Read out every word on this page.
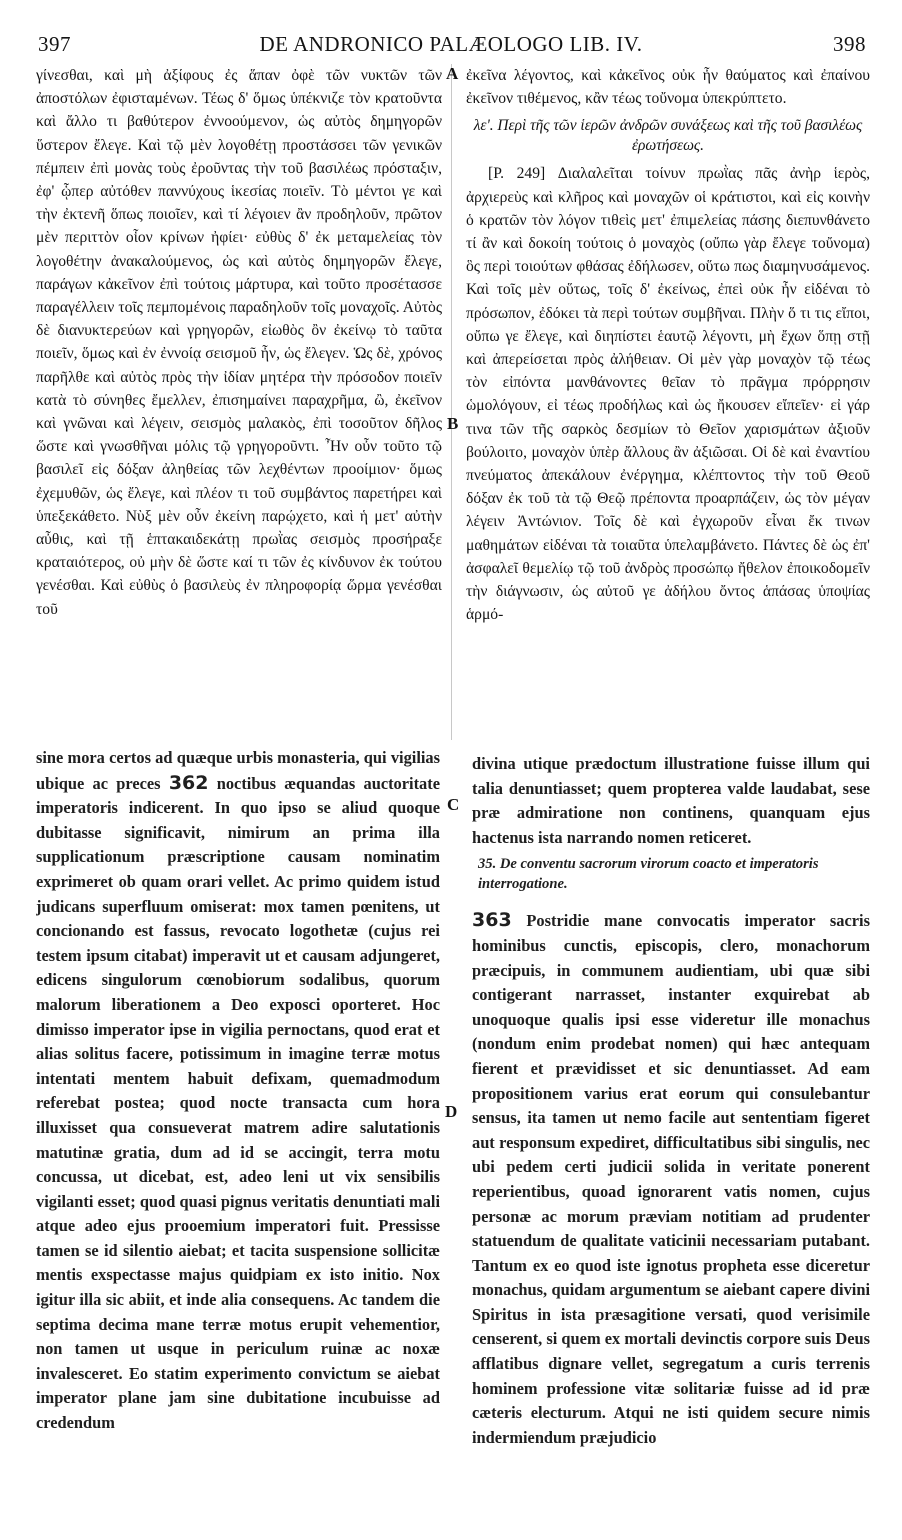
397	DE ANDRONICO PALÆOLOGO LIB. IV.	398

γίνεσθαι, καὶ μὴ ἀξίφους ἐς ἅπαν ὀφὲ τῶν νυκτῶν τῶν ἀποστόλων ἐφισταμένων. Τέως δ' ὅμως ὑπέκνιζε τὸν κρατοῦντα καὶ ἄλλο τι βαθύτερον ἐννοούμενον, ὡς αὐτὸς δημηγορῶν ὕστερον ἔλεγε. Καὶ τῷ μὲν λογοθέτῃ προστάσσει τῶν γενικῶν πέμπειν ἐπὶ μονὰς τοὺς ἐροῦντας τὴν τοῦ βασιλέως πρόσταξιν, ἐφ' ᾧπερ αὐτόθεν παννύχους ἱκεσίας ποιεῖν. Τὸ μέντοι γε καὶ τὴν ἐκτενῆ ὅπως ποιοῖεν, καὶ τί λέγοιεν ἂν προδηλοῦν, πρῶτον μὲν περιττὸν οἷον κρίνων ἠφίει· εὐθὺς δ' ἐκ μεταμελείας τὸν λογοθέτην ἀνακαλούμενος, ὡς καὶ αὐτὸς δημηγορῶν ἔλεγε, παράγων κἀκεῖνον ἐπὶ τούτοις μάρτυρα, καὶ τοῦτο προσέτασσε παραγέλλειν τοῖς πεμπομένοις παραδηλοῦν τοῖς μοναχοῖς. Αὐτὸς δὲ διανυκτερεύων καὶ γρηγορῶν, εἰωθὸς ὂν ἐκείνῳ τὸ ταῦτα ποιεῖν, ὅμως καὶ ἐν ἐννοίᾳ σεισμοῦ ἦν, ὡς ἔλεγεν. Ὡς δὲ, χρόνος παρῆλθε καὶ αὐτὸς πρὸς τὴν ἰδίαν μητέρα τὴν πρόσοδον ποιεῖν κατὰ τὸ σύνηθες ἔμελλεν, ἐπισημαίνει παραχρῆμα, ὢ, ἐκεῖνον καὶ γνῶναι καὶ λέγειν, σεισμὸς μαλακὸς, ἐπὶ τοσοῦτον δῆλος ὥστε καὶ γνωσθῆναι μόλις τῷ γρηγοροῦντι. Ἦν οὖν τοῦτο τῷ βασιλεῖ εἰς δόξαν ἀληθείας τῶν λεχθέντων προοίμιον· ὅμως ἐχεμυθῶν, ὡς ἔλεγε, καὶ πλέον τι τοῦ συμβάντος παρετήρει καὶ ὑπεξεκάθετο. Νὺξ μὲν οὖν ἐκείνη παρῴχετο, καὶ ἡ μετ' αὐτὴν αὖθις, καὶ τῇ ἑπτακαιδεκάτῃ πρωῒας σεισμὸς προσήραξε κραταιότερος, οὐ μὴν δὲ ὥστε καί τι τῶν ἐς κίνδυνον ἐκ τούτου γενέσθαι. Καὶ εὐθὺς ὁ βασιλεὺς ἐν πληροφορίᾳ ὥρμα γενέσθαι τοῦ

ἐκεῖνα λέγοντος, καὶ κἀκεῖνος οὐκ ἦν θαύματος καὶ ἐπαίνου ἐκεῖνον τιθέμενος, κἂν τέως τοὔνομα ὑπεκρύπτετο.

λε'. Περὶ τῆς τῶν ἱερῶν ἀνδρῶν συνάξεως καὶ τῆς τοῦ βασιλέως ἐρωτήσεως.

[P. 249] Διαλαλεῖται τοίνυν πρωῒας πᾶς ἀνὴρ ἱερὸς, ἀρχιερεὺς καὶ κλῆρος καὶ μοναχῶν οἱ κράτιστοι, καὶ εἰς κοινὴν ὁ κρατῶν τὸν λόγον τιθεὶς μετ' ἐπιμελείας πάσης διεπυνθάνετο τί ἂν καὶ δοκοίη τούτοις ὁ μοναχὸς (οὔπω γὰρ ἔλεγε τοὔνομα) ὃς περὶ τοιούτων φθάσας ἐδήλωσεν, οὕτω πως διαμηνυσάμενος. Καὶ τοῖς μὲν οὕτως, τοῖς δ' ἐκείνως, ἐπεὶ οὐκ ἦν εἰδέναι τὸ πρόσωπον, ἐδόκει τὰ περὶ τούτων συμβῆναι. Πλὴν ὅ τι τις εἴποι, οὔπω γε ἔλεγε, καὶ διηπίστει ἑαυτῷ λέγοντι, μὴ ἔχων ὅπῃ στῇ καὶ ἀπερείσεται πρὸς ἀλήθειαν. Οἱ μὲν γὰρ μοναχὸν τῷ τέως τὸν εἰπόντα μανθάνοντες θεῖαν τὸ πρᾶγμα πρόρρησιν ὡμολόγουν, εἰ τέως προδήλως καὶ ὡς ἤκουσεν εἴπεῖεν· εἰ γάρ τινα τῶν τῆς σαρκὸς δεσμίων τὸ Θεῖον χαρισμάτων ἀξιοῦν βούλοιτο, μοναχὸν ὑπὲρ ἄλλους ἂν ἀξιῶσαι. Οἱ δὲ καὶ ἐναντίου πνεύματος ἀπεκάλουν ἐνέργημα, κλέπτοντος τὴν τοῦ Θεοῦ δόξαν ἐκ τοῦ τὰ τῷ Θεῷ πρέποντα προαρπάζειν, ὡς τὸν μέγαν λέγειν Ἀντώνιον. Τοῖς δὲ καὶ ἐγχωροῦν εἶναι ἔκ τινων μαθημάτων εἰδέναι τὰ τοιαῦτα ὑπελαμβάνετο. Πάντες δὲ ὡς ἐπ' ἀσφαλεῖ θεμελίῳ τῷ τοῦ ἀνδρὸς προσώπῳ ἤθελον ἐποικοδομεῖν τὴν διάγνωσιν, ὡς αὐτοῦ γε ἀδήλου ὄντος ἁπάσας ὑποψίας ἁρμό-

sine mora certos ad quæque urbis monasteria, qui vigilias ubique ac preces 362 noctibus æquandas auctoritate imperatoris indicerent. In quo ipso se aliud quoque dubitasse significavit, nimirum an prima illa supplicationum præscriptione causam nominatim exprimeret ob quam orari vellet. Ac primo quidem istud judicans superfluum omiserat: mox tamen pœnitens, ut concionando est fassus, revocato logothetæ (cujus rei testem ipsum citabat) imperavit ut et causam adjungeret, edicens singulorum cœnobiorum sodalibus, quorum malorum liberationem a Deo exposci oporteret. Hoc dimisso imperator ipse in vigilia pernoctans, quod erat et alias solitus facere, potissimum in imagine terræ motus intentati mentem habuit defixam, quemadmodum referebat postea; quod nocte transacta cum hora illuxisset qua consueverat matrem adire salutationis matutinæ gratia, dum ad id se accingit, terra motu concussa, ut dicebat, est, adeo leni ut vix sensibilis vigilanti esset; quod quasi pignus veritatis denuntiati mali atque adeo ejus prooemium imperatori fuit. Pressisse tamen se id silentio aiebat; et tacita suspensione sollicitæ mentis exspectasse majus quidpiam ex isto initio. Nox igitur illa sic abiit, et inde alia consequens. Ac tandem die septima decima mane terræ motus erupit vehementior, non tamen ut usque in periculum ruinæ ac noxæ invalesceret. Eo statim experimento convictum se aiebat imperator plane jam sine dubitatione incubuisse ad credendum

divina utique prædoctum illustratione fuisse illum qui talia denuntiasset; quem propterea valde laudabat, sese præ admiratione non continens, quanquam ejus hactenus ista narrando nomen reticeret.

35. De conventu sacrorum virorum coacto et imperatoris interrogatione.

363 Postridie mane convocatis imperator sacris hominibus cunctis, episcopis, clero, monachorum præcipuis, in communem audientiam, ubi quæ sibi contigerant narrasset, instanter exquirebat ab unoquoque qualis ipsi esse videretur ille monachus (nondum enim prodebat nomen) qui hæc antequam fierent et prævidisset et sic denuntiasset. Ad eam propositionem varius erat eorum qui consulebantur sensus, ita tamen ut nemo facile aut sententiam figeret aut responsum expediret, difficultatibus sibi singulis, nec ubi pedem certi judicii solida in veritate ponerent reperientibus, quoad ignorarent vatis nomen, cujus personæ ac morum præviam notitiam ad prudenter statuendum de qualitate vaticinii necessariam putabant. Tantum ex eo quod iste ignotus propheta esse diceretur monachus, quidam argumentum se aiebant capere divini Spiritus in ista præsagitione versati, quod verisimile censerent, si quem ex mortali devinctis corpore suis Deus afflatibus dignare vellet, segregatum a curis terrenis hominem professione vitæ solitariæ fuisse ad id præ cæteris electurum. Atqui ne isti quidem secure nimis indermiendum præjudicio

A
B
C
D
